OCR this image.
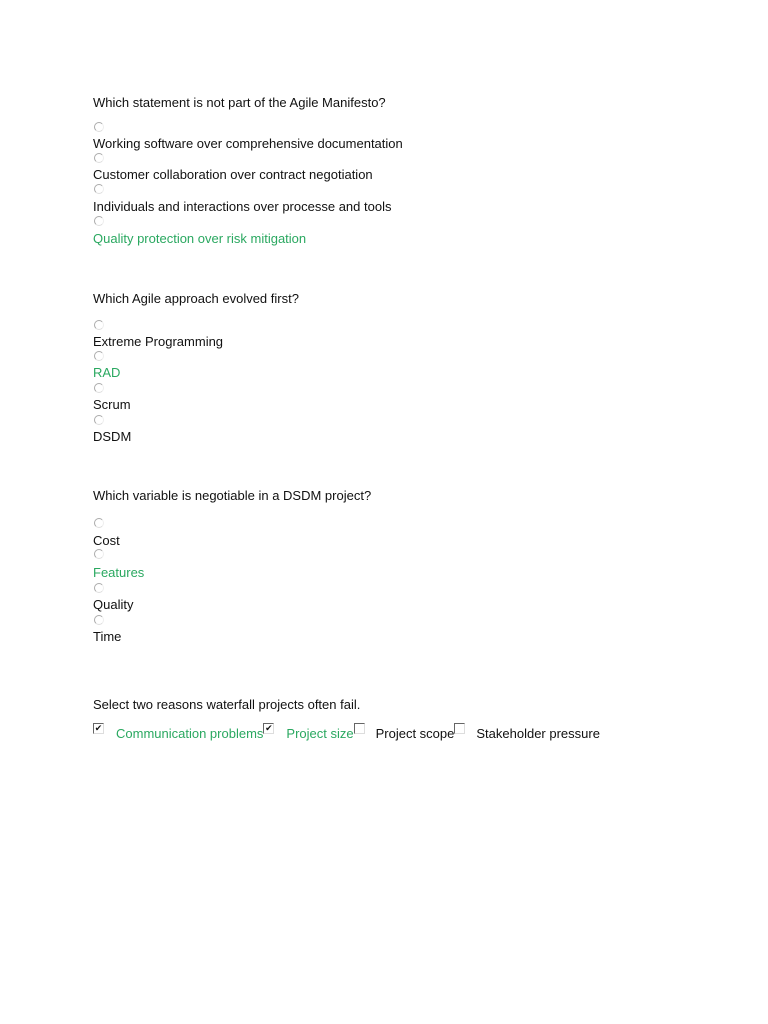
Which statement is not part of the Agile Manifesto?
Working software over comprehensive documentation
Customer collaboration over contract negotiation
Individuals and interactions over processe and tools
Quality protection over risk mitigation
Which Agile approach evolved first?
Extreme Programming
RAD
Scrum
DSDM
Which variable is negotiable in a DSDM project?
Cost
Features
Quality
Time
Select two reasons waterfall projects often fail.
✔ Communication problems ✔ Project size Project scope Stakeholder pressure
